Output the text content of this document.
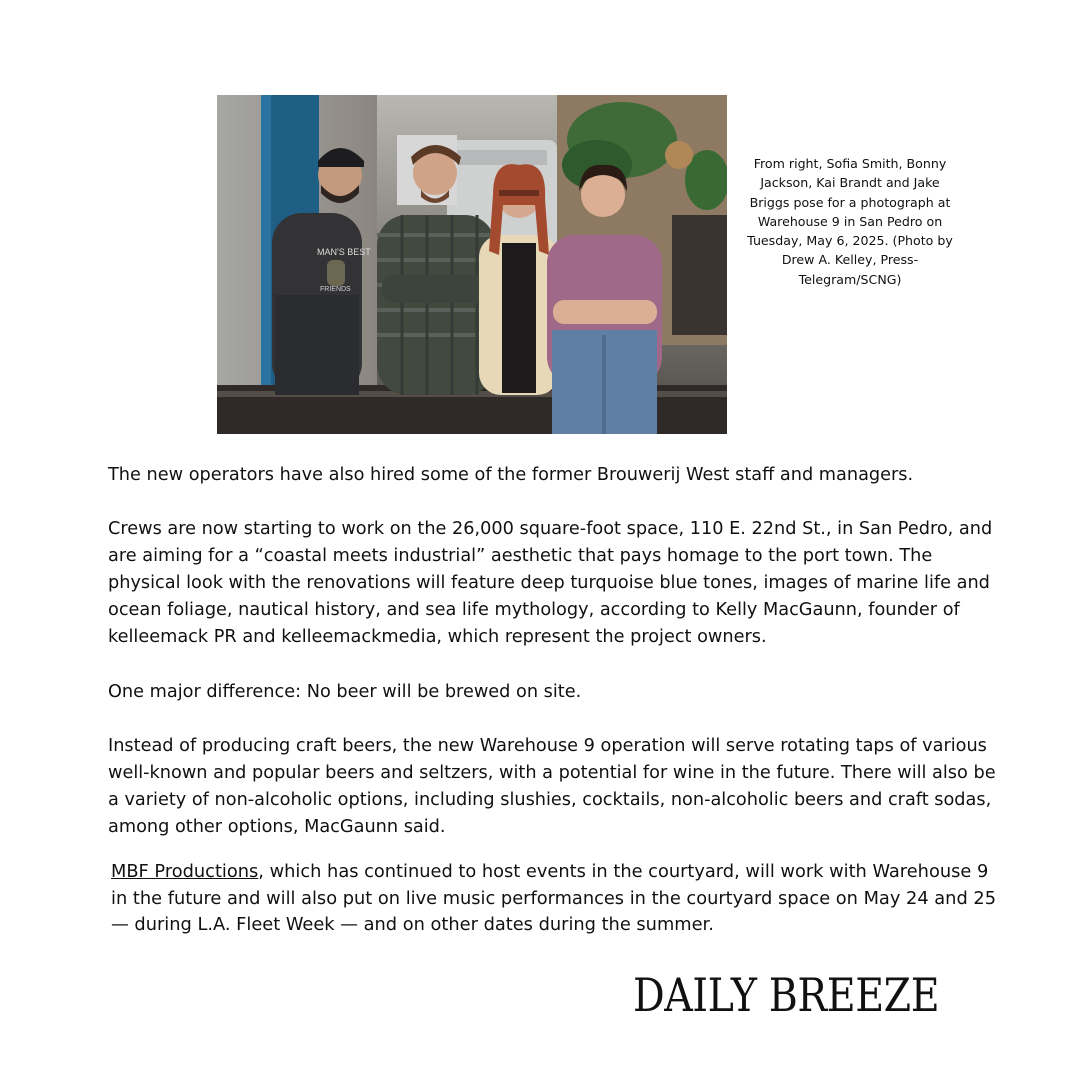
MAN'S BEST
FRIENDS
From right, Sofia Smith, Bonny Jackson, Kai Brandt and Jake Briggs pose for a photograph at Warehouse 9 in San Pedro on Tuesday, May 6, 2025. (Photo by Drew A. Kelley, Press-Telegram/SCNG)

The new operators have also hired some of the former Brouwerij West staff and managers.

Crews are now starting to work on the 26,000 square-foot space, 110 E. 22nd St., in San Pedro, and are aiming for a “coastal meets industrial” aesthetic that pays homage to the port town. The physical look with the renovations will feature deep turquoise blue tones, images of marine life and ocean foliage, nautical history, and sea life mythology, according to Kelly MacGaunn, founder of kelleemack PR and kelleemackmedia, which represent the project owners.

One major difference: No beer will be brewed on site.

Instead of producing craft beers, the new Warehouse 9 operation will serve rotating taps of various well-known and popular beers and seltzers, with a potential for wine in the future. There will also be a variety of non-alcoholic options, including slushies, cocktails, non-alcoholic beers and craft sodas, among other options, MacGaunn said.

MBF Productions, which has continued to host events in the courtyard, will work with Warehouse 9 in the future and will also put on live music performances in the courtyard space on May 24 and 25 — during L.A. Fleet Week — and on other dates during the summer.

DAILY BREEZE
